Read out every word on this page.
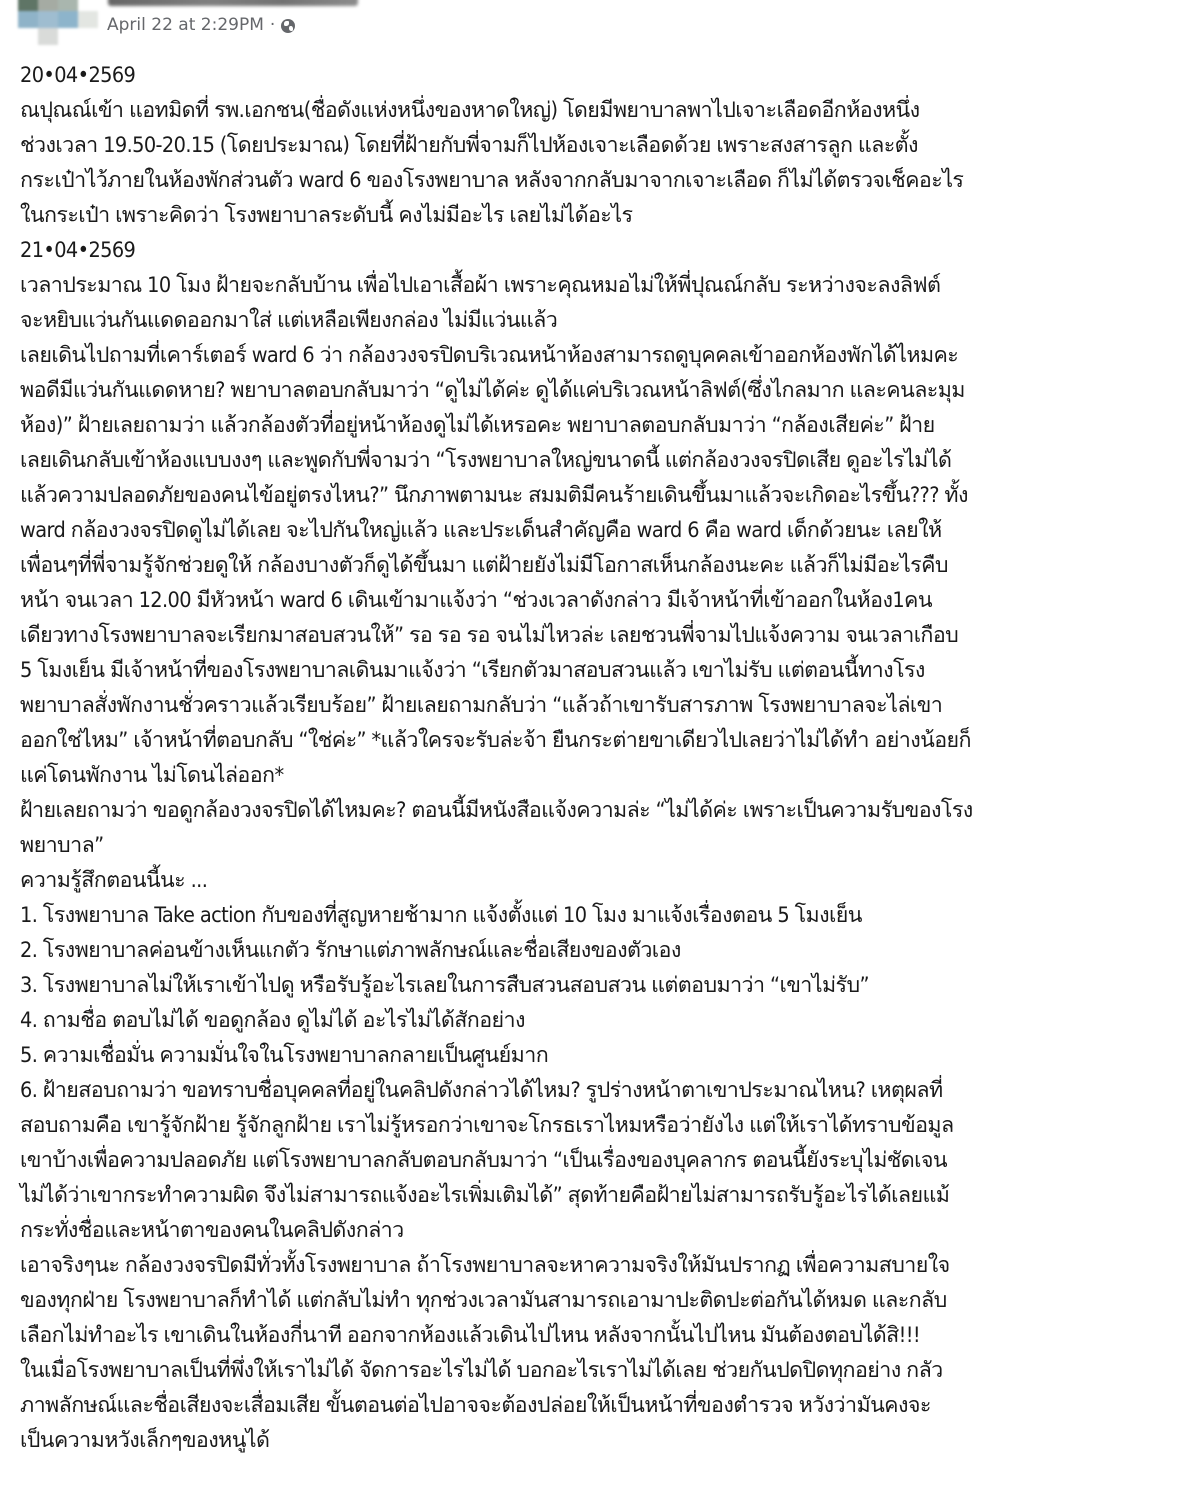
April 22 at 2:29PM ·
20•04•2569
ณปุณณ์เข้า แอทมิดที่ รพ.เอกชน(ชื่อดังแห่งหนึ่งของหาดใหญ่) โดยมีพยาบาลพาไปเจาะเลือดอีกห้องหนึ่ง
ช่วงเวลา 19.50-20.15 (โดยประมาณ) โดยที่ฝ้ายกับพี่จามก็ไปห้องเจาะเลือดด้วย เพราะสงสารลูก และตั้ง
กระเป๋าไว้ภายในห้องพักส่วนตัว ward 6 ของโรงพยาบาล หลังจากกลับมาจากเจาะเลือด ก็ไม่ได้ตรวจเช็คอะไร
ในกระเป๋า เพราะคิดว่า โรงพยาบาลระดับนี้ คงไม่มีอะไร เลยไม่ได้อะไร
21•04•2569
เวลาประมาณ 10 โมง ฝ้ายจะกลับบ้าน เพื่อไปเอาเสื้อผ้า เพราะคุณหมอไม่ให้พี่ปุณณ์กลับ ระหว่างจะลงลิฟต์
จะหยิบแว่นกันแดดออกมาใส่ แต่เหลือเพียงกล่อง ไม่มีแว่นแล้ว
เลยเดินไปถามที่เคาร์เตอร์ ward 6 ว่า กล้องวงจรปิดบริเวณหน้าห้องสามารถดูบุคคลเข้าออกห้องพักได้ไหมคะ
พอดีมีแว่นกันแดดหาย? พยาบาลตอบกลับมาว่า “ดูไม่ได้ค่ะ ดูได้แค่บริเวณหน้าลิฟต์(ซึ่งไกลมาก และคนละมุม
ห้อง)” ฝ้ายเลยถามว่า แล้วกล้องตัวที่อยู่หน้าห้องดูไม่ได้เหรอคะ พยาบาลตอบกลับมาว่า “กล้องเสียค่ะ” ฝ้าย
เลยเดินกลับเข้าห้องแบบงงๆ และพูดกับพี่จามว่า “โรงพยาบาลใหญ่ขนาดนี้ แต่กล้องวงจรปิดเสีย ดูอะไรไม่ได้
แล้วความปลอดภัยของคนไข้อยู่ตรงไหน?” นึกภาพตามนะ สมมติมีคนร้ายเดินขึ้นมาแล้วจะเกิดอะไรขึ้น??? ทั้ง
ward กล้องวงจรปิดดูไม่ได้เลย จะไปกันใหญ่แล้ว และประเด็นสำคัญคือ ward 6 คือ ward เด็กด้วยนะ เลยให้
เพื่อนๆที่พี่จามรู้จักช่วยดูให้ กล้องบางตัวก็ดูได้ขึ้นมา แต่ฝ้ายยังไม่มีโอกาสเห็นกล้องนะคะ แล้วก็ไม่มีอะไรคืบ
หน้า จนเวลา 12.00 มีหัวหน้า ward 6 เดินเข้ามาแจ้งว่า “ช่วงเวลาดังกล่าว มีเจ้าหน้าที่เข้าออกในห้อง1คน
เดียวทางโรงพยาบาลจะเรียกมาสอบสวนให้” รอ รอ รอ จนไม่ไหวล่ะ เลยชวนพี่จามไปแจ้งความ จนเวลาเกือบ
5 โมงเย็น มีเจ้าหน้าที่ของโรงพยาบาลเดินมาแจ้งว่า “เรียกตัวมาสอบสวนแล้ว เขาไม่รับ แต่ตอนนี้ทางโรง
พยาบาลสั่งพักงานชั่วคราวแล้วเรียบร้อย” ฝ้ายเลยถามกลับว่า “แล้วถ้าเขารับสารภาพ โรงพยาบาลจะไล่เขา
ออกใช่ไหม” เจ้าหน้าที่ตอบกลับ “ใช่ค่ะ” *แล้วใครจะรับล่ะจ้า ยืนกระต่ายขาเดียวไปเลยว่าไม่ได้ทำ อย่างน้อยก็
แค่โดนพักงาน ไม่โดนไล่ออก*
ฝ้ายเลยถามว่า ขอดูกล้องวงจรปิดได้ไหมคะ? ตอนนี้มีหนังสือแจ้งความล่ะ “ไม่ได้ค่ะ เพราะเป็นความรับของโรง
พยาบาล”
ความรู้สึกตอนนี้นะ ...
1. โรงพยาบาล Take action กับของที่สูญหายช้ามาก แจ้งตั้งแต่ 10 โมง มาแจ้งเรื่องตอน 5 โมงเย็น
2. โรงพยาบาลค่อนข้างเห็นแกตัว รักษาแต่ภาพลักษณ์และชื่อเสียงของตัวเอง
3. โรงพยาบาลไม่ให้เราเข้าไปดู หรือรับรู้อะไรเลยในการสืบสวนสอบสวน แต่ตอบมาว่า “เขาไม่รับ”
4. ถามชื่อ ตอบไม่ได้ ขอดูกล้อง ดูไม่ได้ อะไรไม่ได้สักอย่าง
5. ความเชื่อมั่น ความมั่นใจในโรงพยาบาลกลายเป็นศูนย์มาก
6. ฝ้ายสอบถามว่า ขอทราบชื่อบุคคลที่อยู่ในคลิปดังกล่าวได้ไหม? รูปร่างหน้าตาเขาประมาณไหน? เหตุผลที่
สอบถามคือ เขารู้จักฝ้าย รู้จักลูกฝ้าย เราไม่รู้หรอกว่าเขาจะโกรธเราไหมหรือว่ายังไง แต่ให้เราได้ทราบข้อมูล
เขาบ้างเพื่อความปลอดภัย แต่โรงพยาบาลกลับตอบกลับมาว่า “เป็นเรื่องของบุคลากร ตอนนี้ยังระบุไม่ชัดเจน
ไม่ได้ว่าเขากระทำความผิด จึงไม่สามารถแจ้งอะไรเพิ่มเติมได้” สุดท้ายคือฝ้ายไม่สามารถรับรู้อะไรได้เลยแม้
กระทั่งชื่อและหน้าตาของคนในคลิปดังกล่าว
เอาจริงๆนะ กล้องวงจรปิดมีทั่วทั้งโรงพยาบาล ถ้าโรงพยาบาลจะหาความจริงให้มันปรากฏ เพื่อความสบายใจ
ของทุกฝ่าย โรงพยาบาลก็ทำได้ แต่กลับไม่ทำ ทุกช่วงเวลามันสามารถเอามาปะติดปะต่อกันได้หมด และกลับ
เลือกไม่ทำอะไร เขาเดินในห้องกี่นาที ออกจากห้องแล้วเดินไปไหน หลังจากนั้นไปไหน มันต้องตอบได้สิ!!!
ในเมื่อโรงพยาบาลเป็นที่พึ่งให้เราไม่ได้ จัดการอะไรไม่ได้ บอกอะไรเราไม่ได้เลย ช่วยกันปดปิดทุกอย่าง กลัว
ภาพลักษณ์และชื่อเสียงจะเสื่อมเสีย ขั้นตอนต่อไปอาจจะต้องปล่อยให้เป็นหน้าที่ของตำรวจ หวังว่ามันคงจะ
เป็นความหวังเล็กๆของหนูได้
